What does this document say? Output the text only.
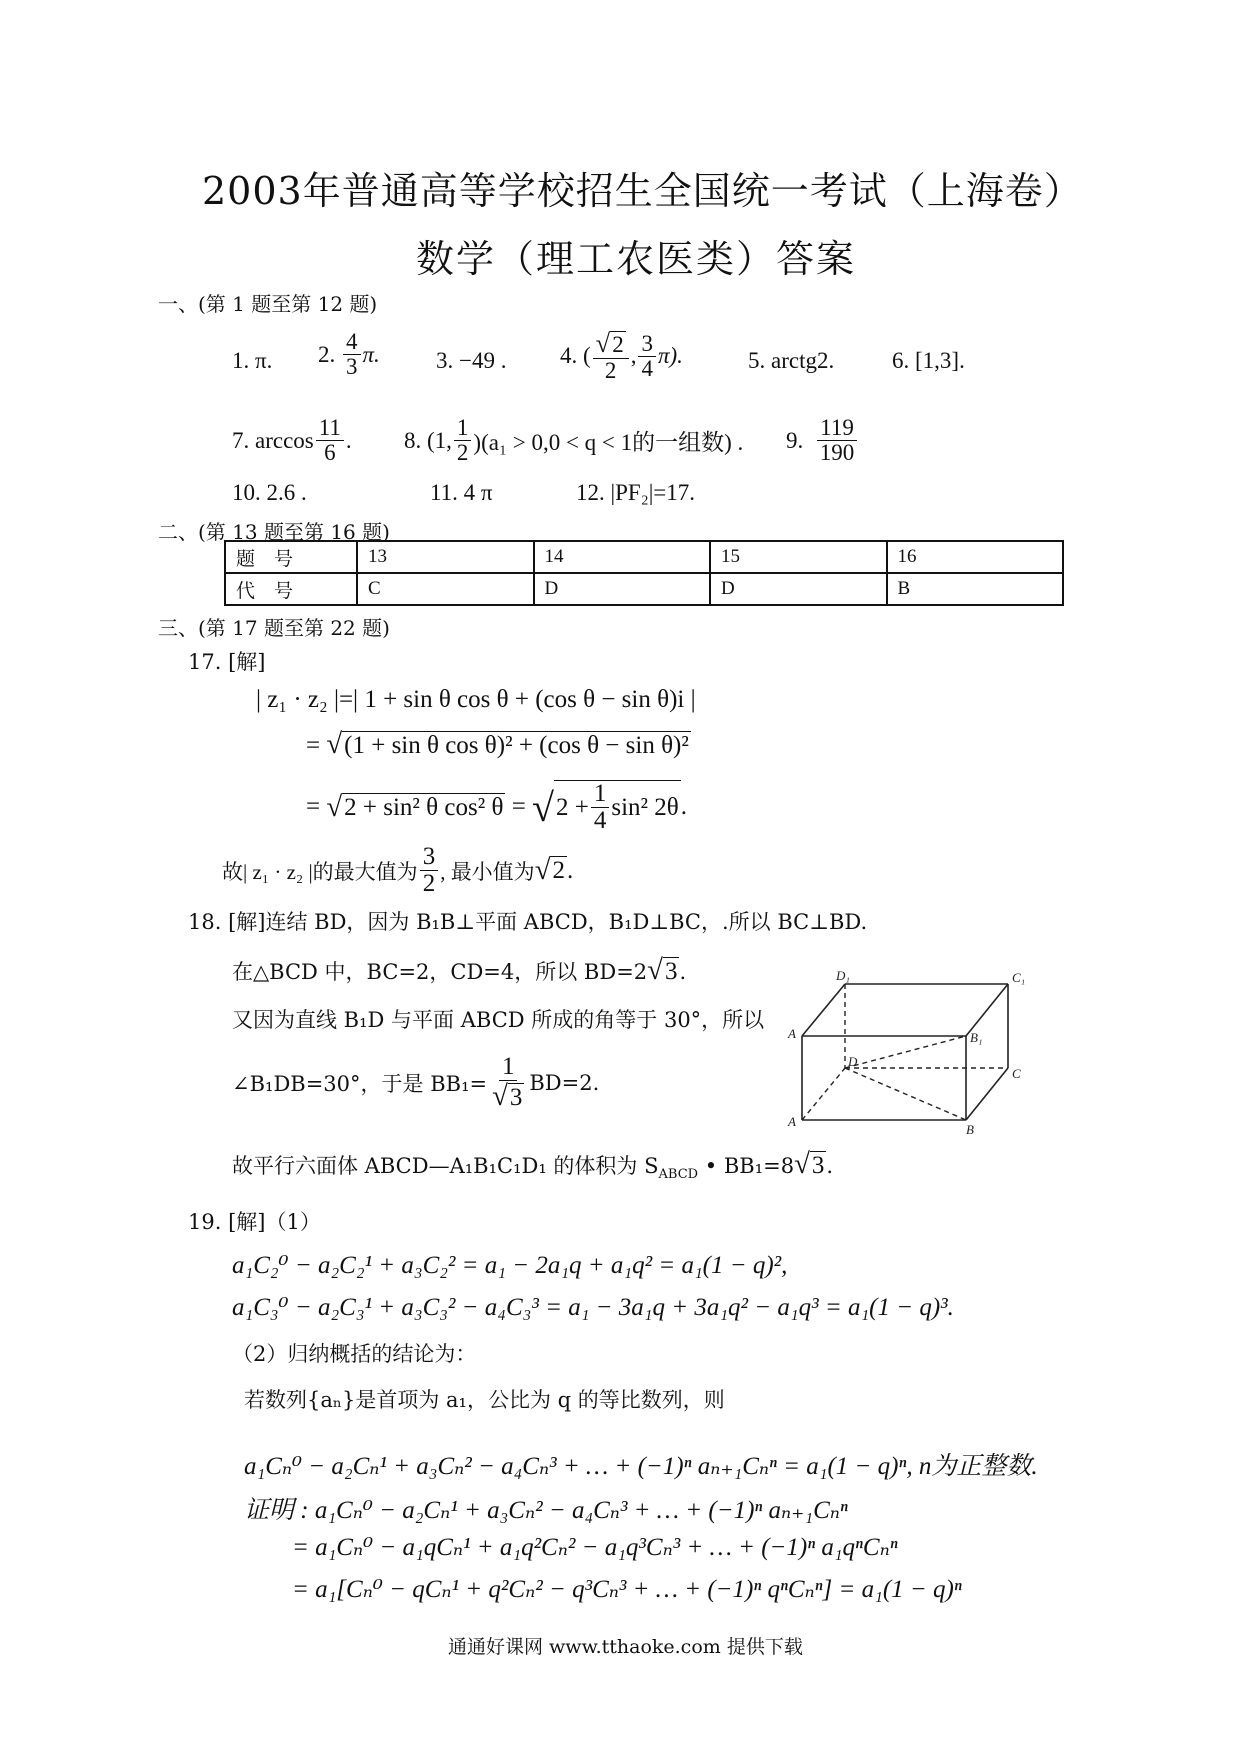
2003年普通高等学校招生全国统一考试（上海卷）
数学（理工农医类）答案
一、(第 1 题至第 12 题)
1. π. 2.
$\frac{4}{3} \pi$. 3. −49 . 4. ( $\frac{√2}{2}$ , $\frac{3}{4} \pi$).	5. arctg2.	6. [1,3].
7. $\arccos \frac{11}{6}$ . 8.
(1, $\frac{1}{2} )(a_1 > 0,0 < q < 1$的一组数) . 9.
$\frac{119}{190}$
10. 2.6 .	11. 4 π	12. |PF₂|=17.
二、(第 13 题至第 16 题)
题　号	13	14	15	16
代　号	C	D	D	B
三、(第 17 题至第 22 题)
17. [解]
| z₁ · z₂ |=| 1 + sin θ cos θ + (cos θ − sin θ)i |
= √(1 + sin θ cos θ)² + (cos θ − sin θ)²
=
√ 2 + sin² θ cos² θ
=
√ $2 + \frac{1}{4} \sin^2$ 2θ .
故| z₁ · z₂ |的最大值为 $\frac{3}{2}$ , 最小值为 √ 2 .
18. [解]连结 BD，因为 B₁B⊥平面 ABCD，B₁D⊥BC，.所以 BC⊥BD.
在△BCD 中，BC=2，CD=4，所以 BD=2√3.
又因为直线 B₁D 与平面 ABCD 所成的角等于 30°，所以
∠B₁DB=30°，于是 $BB_1= \frac{1}{√3} BD=2$.
故平行六面体 ABCD—A₁B₁C₁D₁ 的体积为 $S_{ABCD}$ • BB₁=8√3.
D₁	C₁
A	B₁
D
C
A
B
19. [解]（1）
a₁C₂⁰ − a₂C₂¹ + a₃C₂² = a₁ − 2a₁q + a₁q² = a₁(1 − q)²,
a₁C₃⁰ − a₂C₃¹ + a₃C₃² − a₄C₃³ = a₁ − 3a₁q + 3a₁q² − a₁q³ = a₁(1 − q)³.
（2）归纳概括的结论为：
若数列{aₙ}是首项为 a₁，公比为 q 的等比数列，则
a₁Cₙ⁰ − a₂Cₙ¹ + a₃Cₙ² − a₄Cₙ³ + … + (−1)ⁿ aₙ₊₁Cₙⁿ = a₁(1 − q)ⁿ, n为正整数.
证明 : a₁Cₙ⁰ − a₂Cₙ¹ + a₃Cₙ² − a₄Cₙ³ + … + (−1)ⁿ aₙ₊₁Cₙⁿ
= a₁Cₙ⁰ − a₁qCₙ¹ + a₁q²Cₙ² − a₁q³Cₙ³ + … + (−1)ⁿ a₁qⁿCₙⁿ
= a₁[Cₙ⁰ − qCₙ¹ + q²Cₙ² − q³Cₙ³ + … + (−1)ⁿ qⁿCₙⁿ] = a₁(1 − q)ⁿ
通通好课网 www.tthaoke.com 提供下载
